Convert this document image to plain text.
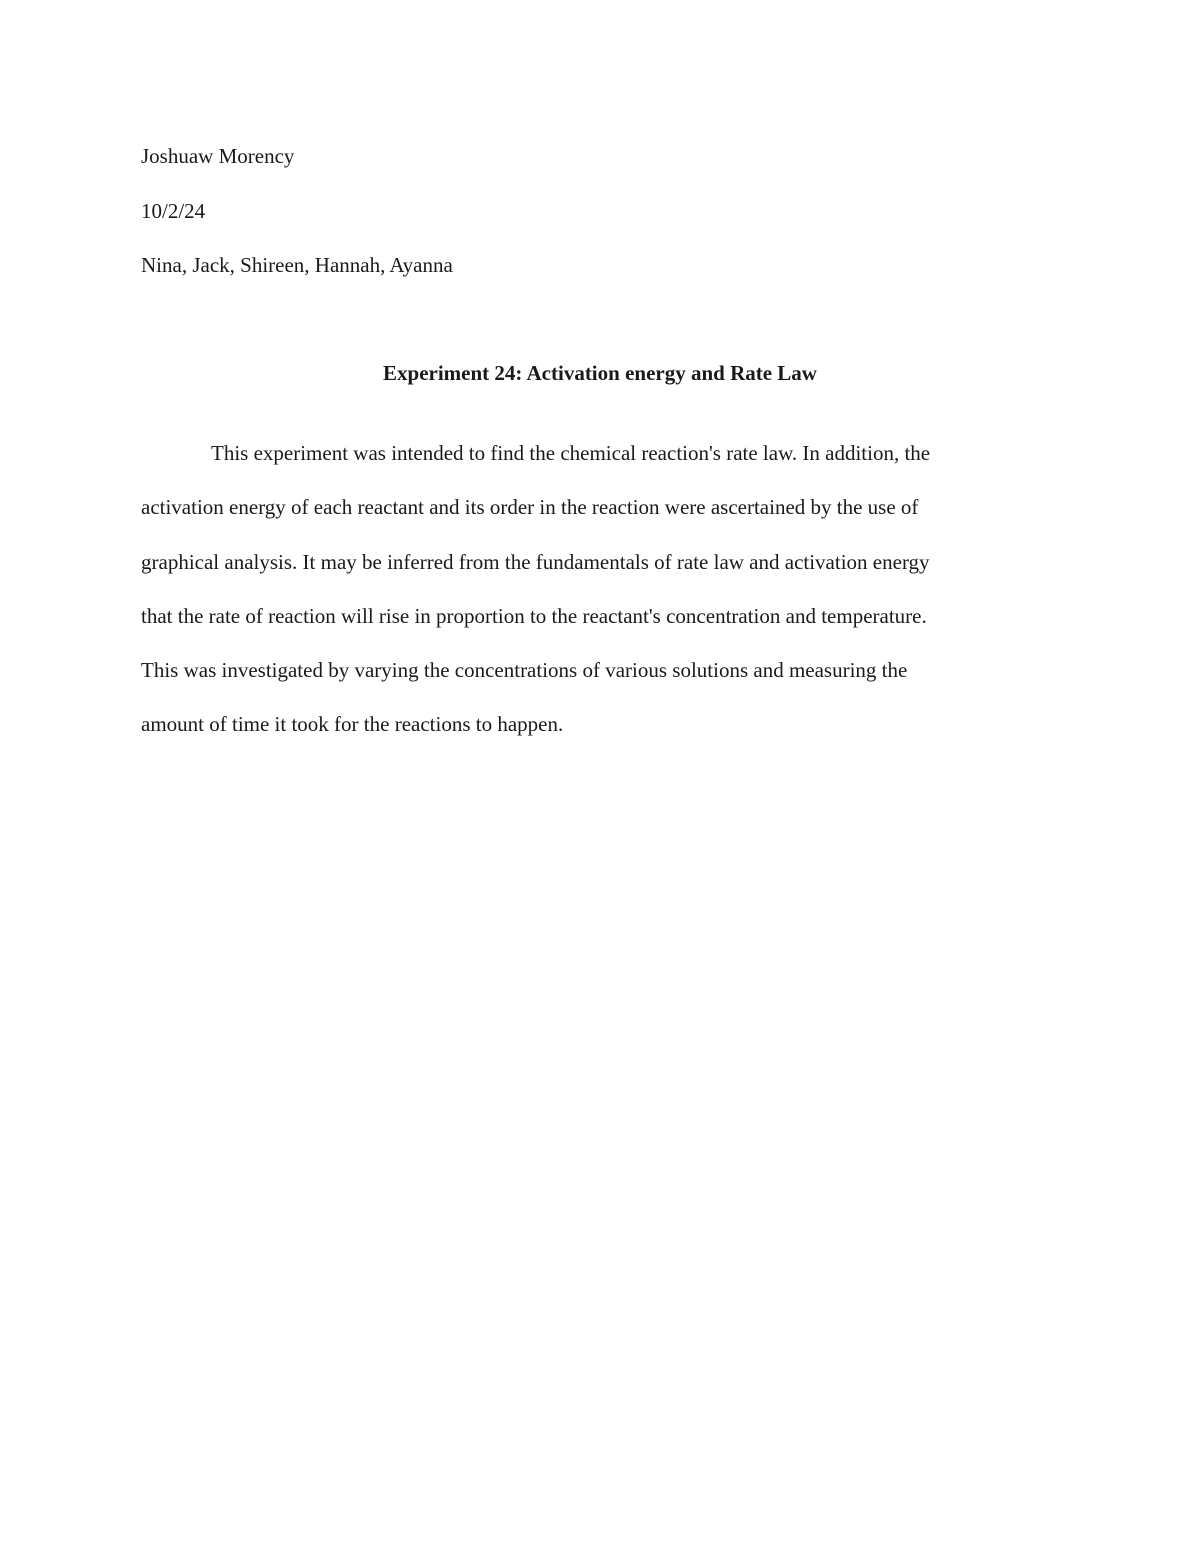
Joshuaw Morency
10/2/24
Nina, Jack, Shireen, Hannah, Ayanna
Experiment 24: Activation energy and Rate Law
This experiment was intended to find the chemical reaction's rate law. In addition, the
activation energy of each reactant and its order in the reaction were ascertained by the use of
graphical analysis. It may be inferred from the fundamentals of rate law and activation energy
that the rate of reaction will rise in proportion to the reactant's concentration and temperature.
This was investigated by varying the concentrations of various solutions and measuring the
amount of time it took for the reactions to happen.
